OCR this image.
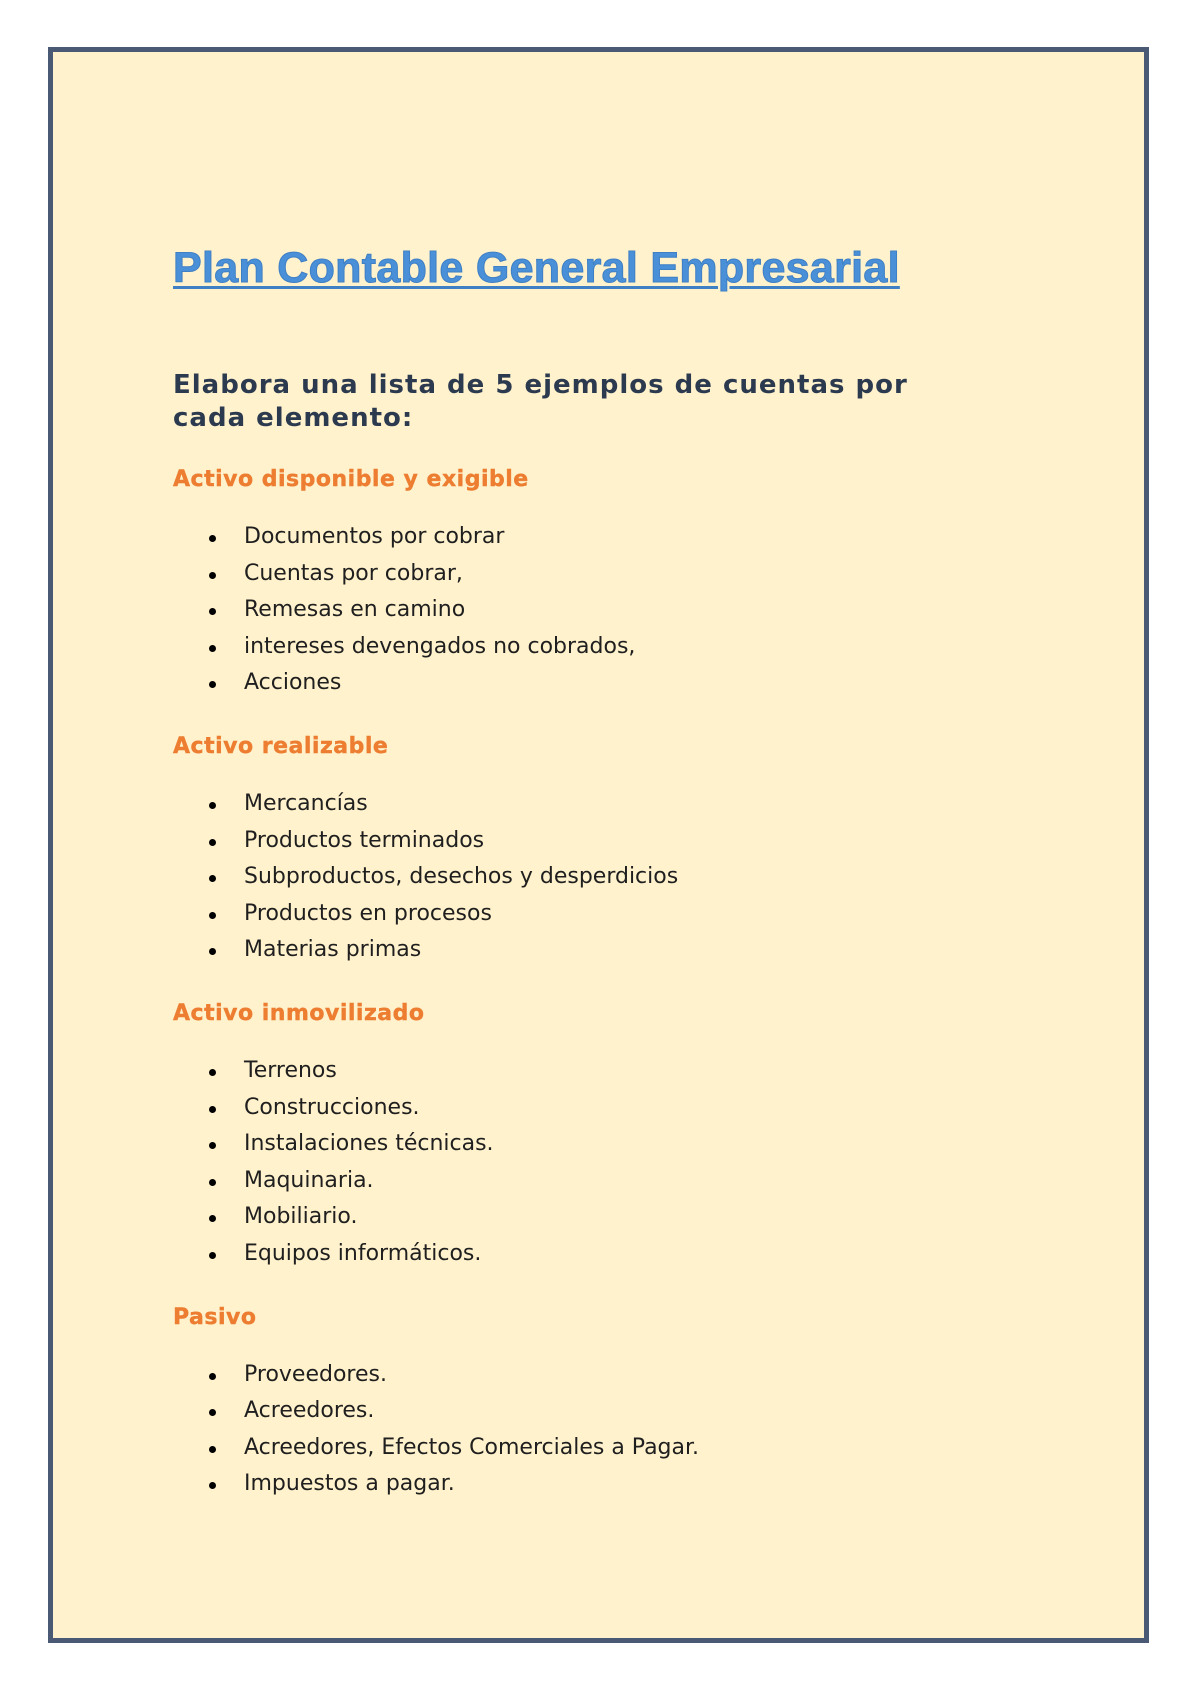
Plan Contable General Empresarial

Elabora una lista de 5 ejemplos de cuentas por cada elemento:

Activo disponible y exigible
Documentos por cobrar
Cuentas por cobrar,
Remesas en camino
intereses devengados no cobrados,
Acciones
Activo realizable
Mercancías
Productos terminados
Subproductos, desechos y desperdicios
Productos en procesos
Materias primas
Activo inmovilizado
Terrenos
Construcciones.
Instalaciones técnicas.
Maquinaria.
Mobiliario.
Equipos informáticos.
Pasivo
Proveedores.
Acreedores.
Acreedores, Efectos Comerciales a Pagar.
Impuestos a pagar.
